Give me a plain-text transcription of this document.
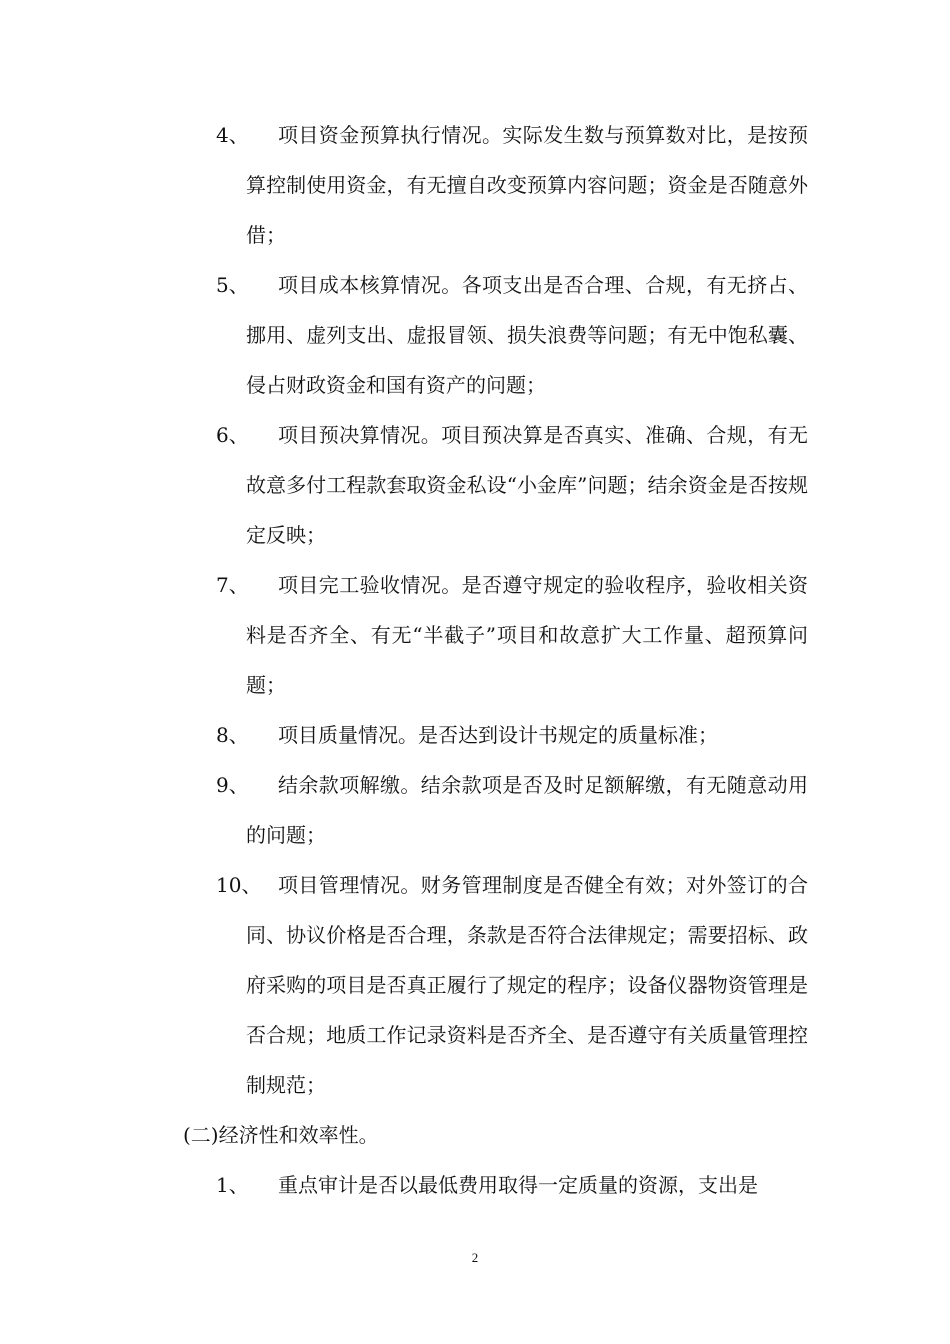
4、	项目资金预算执行情况。实际发生数与预算数对比，是按预算控制使用资金，有无擅自改变预算内容问题；资金是否随意外借；
5、	项目成本核算情况。各项支出是否合理、合规，有无挤占、挪用、虚列支出、虚报冒领、损失浪费等问题；有无中饱私囊、侵占财政资金和国有资产的问题；
6、	项目预决算情况。项目预决算是否真实、准确、合规，有无故意多付工程款套取资金私设“小金库”问题；结余资金是否按规定反映；
7、	项目完工验收情况。是否遵守规定的验收程序，验收相关资料是否齐全、有无“半截子”项目和故意扩大工作量、超预算问题；
8、	项目质量情况。是否达到设计书规定的质量标准；
9、	结余款项解缴。结余款项是否及时足额解缴，有无随意动用的问题；
10、 项目管理情况。财务管理制度是否健全有效；对外签订的合同、协议价格是否合理，条款是否符合法律规定；需要招标、政府采购的项目是否真正履行了规定的程序；设备仪器物资管理是否合规；地质工作记录资料是否齐全、是否遵守有关质量管理控制规范；
(二)经济性和效率性。
1、	重点审计是否以最低费用取得一定质量的资源，支出是
2
